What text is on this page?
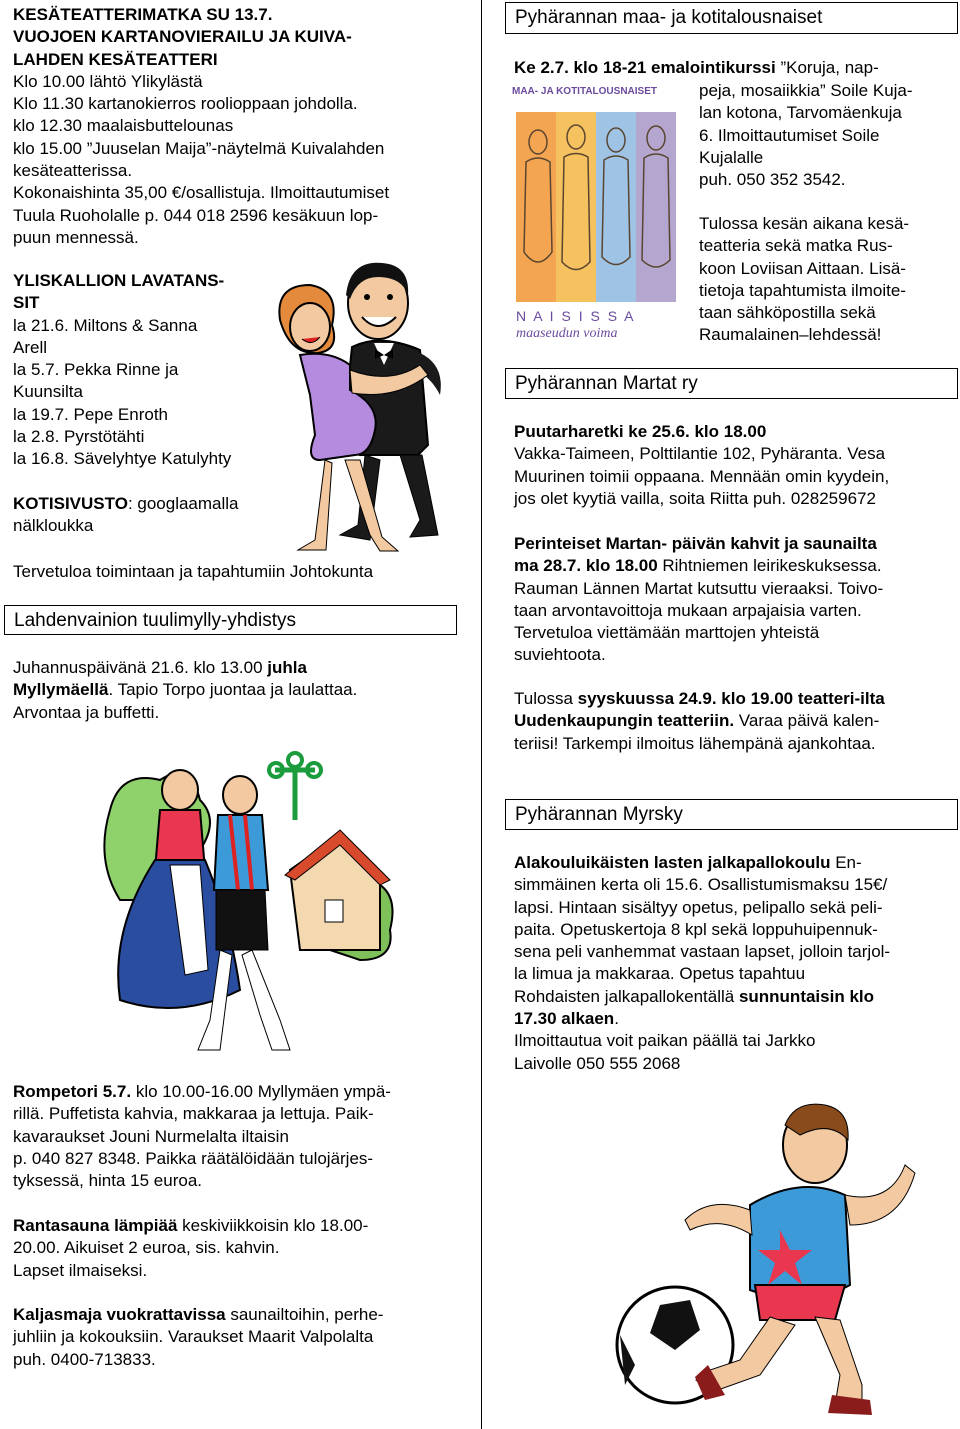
KESÄTEATTERIMATKA SU 13.7.
VUOJOEN KARTANOVIERAILU JA KUIVA-
LAHDEN KESÄTEATTERI
Klo 10.00 lähtö Ylikylästä
Klo 11.30 kartanokierros roolioppaan johdolla.
klo 12.30 maalaisbuttelounas
klo 15.00 ”Juuselan Maija”-näytelmä Kuivalahden
kesäteatterissa.
Kokonaishinta 35,00 €/osallistuja. Ilmoittautumiset
Tuula Ruoholalle p. 044 018 2596 kesäkuun lop-
puun mennessä.
YLISKALLION LAVATANS-
SIT
la 21.6. Miltons & Sanna
Arell
la 5.7. Pekka Rinne ja
Kuunsilta
la 19.7. Pepe Enroth
la 2.8. Pyrstötähti
la 16.8. Sävelyhtye Katulyhty
KOTISIVUSTO: googlaamalla
nälkloukka
Tervetuloa toimintaan ja tapahtumiin Johtokunta
Lahdenvainion tuulimylly-yhdistys
Juhannuspäivänä 21.6. klo 13.00 juhla
Myllymäellä. Tapio Torpo juontaa ja laulattaa.
Arvontaa ja buffetti.
Rompetori 5.7. klo 10.00-16.00 Myllymäen ympä-
rillä. Puffetista kahvia, makkaraa ja lettuja. Paik-
kavaraukset Jouni Nurmelalta iltaisin
p. 040 827 8348. Paikka räätälöidään tulojärjes-
tyksessä, hinta 15 euroa.
Rantasauna lämpiää keskiviikkoisin klo 18.00-
20.00. Aikuiset 2 euroa, sis. kahvin.
Lapset ilmaiseksi.
Kaljasmaja vuokrattavissa saunailtoihin, perhe-
juhliin ja kokouksiin. Varaukset Maarit Valpolalta
puh. 0400-713833.
Pyhärannan maa- ja kotitalousnaiset
Ke 2.7. klo 18-21 emalointikurssi ”Koruja, nap-
MAA- JA KOTITALOUSNAISET
N A I S I S S A
maaseudun voima
peja, mosaiikkia” Soile Kuja-
lan kotona, Tarvomäenkuja
6. Ilmoittautumiset Soile
Kujalalle
puh. 050 352 3542.
Tulossa kesän aikana kesä-
teatteria sekä matka Rus-
koon Loviisan Aittaan. Lisä-
tietoja tapahtumista ilmoite-
taan sähköpostilla sekä
Raumalainen–lehdessä!
Pyhärannan Martat ry
Puutarharetki ke 25.6. klo 18.00
Vakka-Taimeen, Polttilantie 102, Pyhäranta. Vesa
Muurinen toimii oppaana. Mennään omin kyydein,
jos olet kyytiä vailla, soita Riitta puh. 028259672
Perinteiset Martan- päivän kahvit ja saunailta
ma 28.7. klo 18.00 Rihtniemen leirikeskuksessa.
Rauman Lännen Martat kutsuttu vieraaksi. Toivo-
taan arvontavoittoja mukaan arpajaisia varten.
Tervetuloa viettämään marttojen yhteistä
suviehtoota.
Tulossa syyskuussa 24.9. klo 19.00 teatteri-ilta
Uudenkaupungin teatteriin. Varaa päivä kalen-
teriisi! Tarkempi ilmoitus lähempänä ajankohtaa.
Pyhärannan Myrsky
Alakouluikäisten lasten jalkapallokoulu En-
simmäinen kerta oli 15.6. Osallistumismaksu 15€/
lapsi. Hintaan sisältyy opetus, pelipallo sekä peli-
paita. Opetuskertoja 8 kpl sekä loppuhuipennuk-
sena peli vanhemmat vastaan lapset, jolloin tarjol-
la limua ja makkaraa. Opetus tapahtuu
Rohdaisten jalkapallokentällä sunnuntaisin klo
17.30 alkaen.
Ilmoittautua voit paikan päällä tai Jarkko
Laivolle 050 555 2068
